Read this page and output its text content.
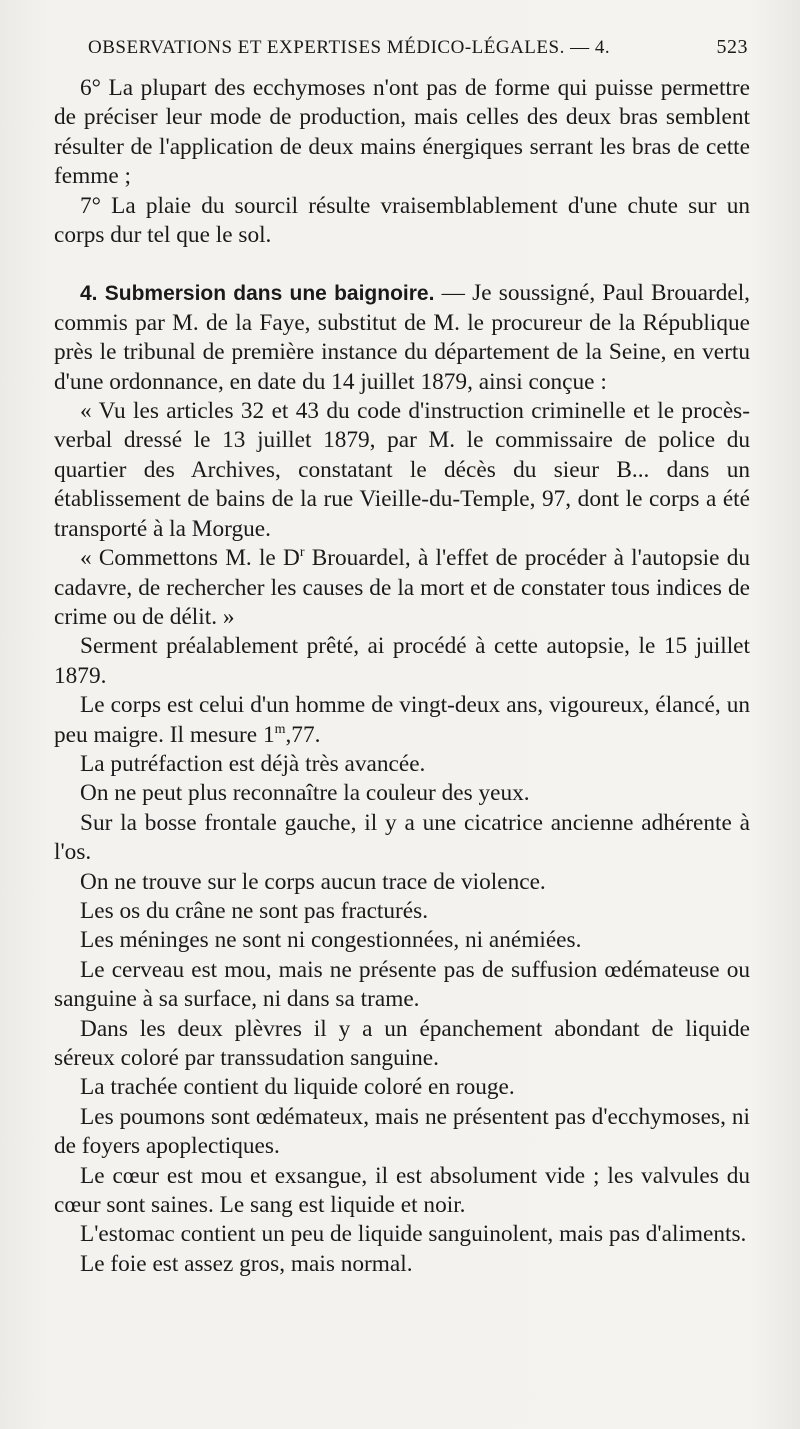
OBSERVATIONS ET EXPERTISES MÉDICO-LÉGALES. — 4.	523

6° La plupart des ecchymoses n'ont pas de forme qui puisse permettre de préciser leur mode de production, mais celles des deux bras semblent résulter de l'application de deux mains énergiques serrant les bras de cette femme ;

7° La plaie du sourcil résulte vraisemblablement d'une chute sur un corps dur tel que le sol.

4. Submersion dans une baignoire. — Je soussigné, Paul Brouardel, commis par M. de la Faye, substitut de M. le procureur de la République près le tribunal de première instance du département de la Seine, en vertu d'une ordonnance, en date du 14 juillet 1879, ainsi conçue :

« Vu les articles 32 et 43 du code d'instruction criminelle et le procès-verbal dressé le 13 juillet 1879, par M. le commissaire de police du quartier des Archives, constatant le décès du sieur B... dans un établissement de bains de la rue Vieille-du-Temple, 97, dont le corps a été transporté à la Morgue.

« Commettons M. le $D^r$ Brouardel, à l'effet de procéder à l'autopsie du cadavre, de rechercher les causes de la mort et de constater tous indices de crime ou de délit. »

Serment préalablement prêté, ai procédé à cette autopsie, le 15 juillet 1879.

Le corps est celui d'un homme de vingt-deux ans, vigoureux, élancé, un peu maigre. Il mesure 1$^m$,77.

La putréfaction est déjà très avancée.

On ne peut plus reconnaître la couleur des yeux.

Sur la bosse frontale gauche, il y a une cicatrice ancienne adhérente à l'os.

On ne trouve sur le corps aucun trace de violence.

Les os du crâne ne sont pas fracturés.

Les méninges ne sont ni congestionnées, ni anémiées.

Le cerveau est mou, mais ne présente pas de suffusion œdémateuse ou sanguine à sa surface, ni dans sa trame.

Dans les deux plèvres il y a un épanchement abondant de liquide séreux coloré par transsudation sanguine.

La trachée contient du liquide coloré en rouge.

Les poumons sont œdémateux, mais ne présentent pas d'ecchymoses, ni de foyers apoplectiques.

Le cœur est mou et exsangue, il est absolument vide ; les valvules du cœur sont saines. Le sang est liquide et noir.

L'estomac contient un peu de liquide sanguinolent, mais pas d'aliments.

Le foie est assez gros, mais normal.
